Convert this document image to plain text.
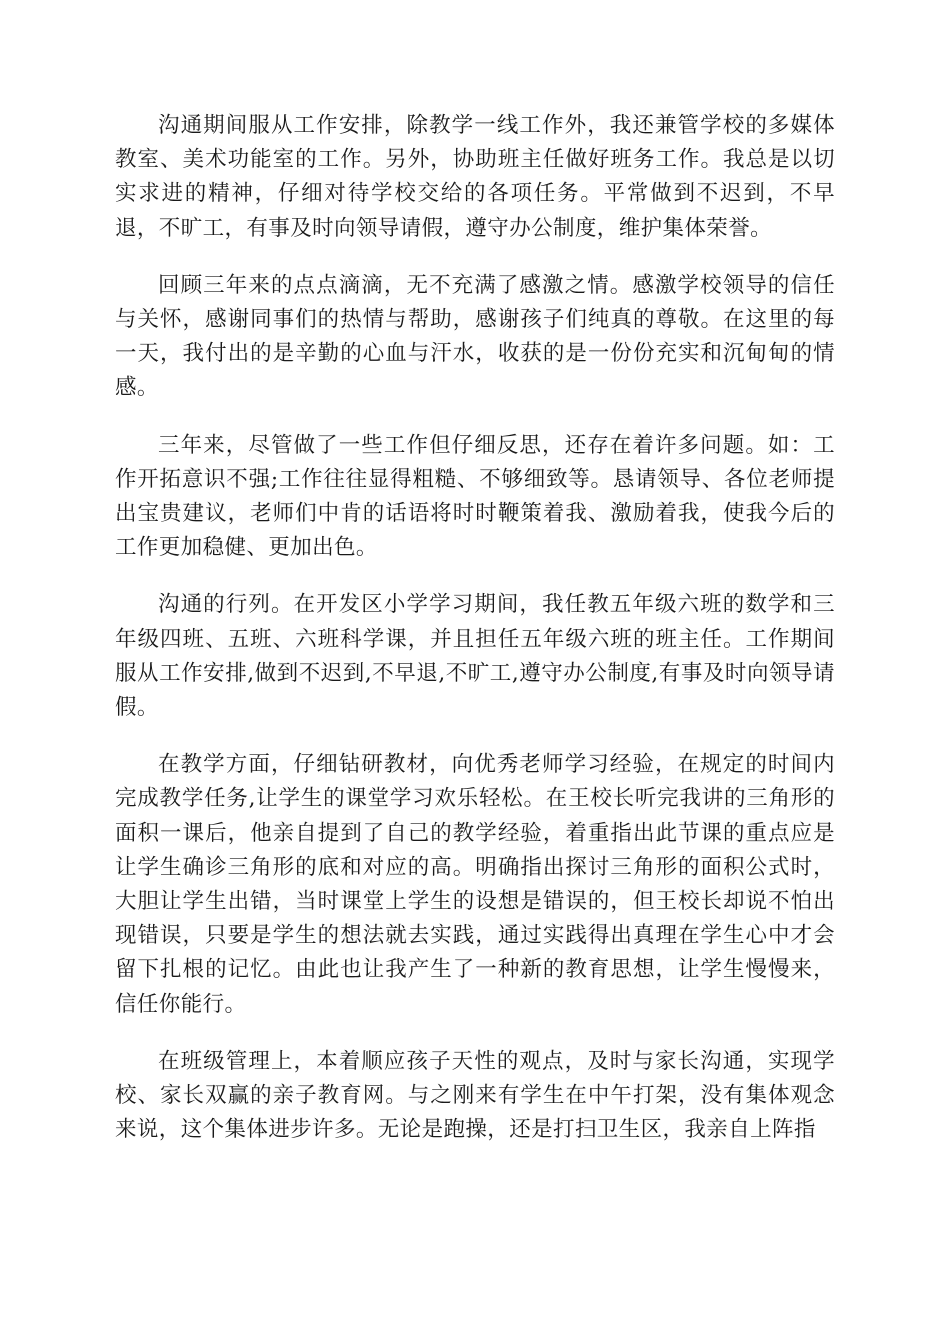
沟通期间服从工作安排，除教学一线工作外，我还兼管学校的多媒体教室、美术功能室的工作。另外，协助班主任做好班务工作。我总是以切实求进的精神，仔细对待学校交给的各项任务。平常做到不迟到，不早退，不旷工，有事及时向领导请假，遵守办公制度，维护集体荣誉。

回顾三年来的点点滴滴，无不充满了感激之情。感激学校领导的信任与关怀，感谢同事们的热情与帮助，感谢孩子们纯真的尊敬。在这里的每一天，我付出的是辛勤的心血与汗水，收获的是一份份充实和沉甸甸的情感。

三年来，尽管做了一些工作但仔细反思，还存在着许多问题。如：工作开拓意识不强;工作往往显得粗糙、不够细致等。恳请领导、各位老师提出宝贵建议，老师们中肯的话语将时时鞭策着我、激励着我，使我今后的工作更加稳健、更加出色。

沟通的行列。在开发区小学学习期间，我任教五年级六班的数学和三年级四班、五班、六班科学课，并且担任五年级六班的班主任。工作期间服从工作安排,做到不迟到,不早退,不旷工,遵守办公制度,有事及时向领导请假。

在教学方面，仔细钻研教材，向优秀老师学习经验，在规定的时间内完成教学任务,让学生的课堂学习欢乐轻松。在王校长听完我讲的三角形的面积一课后，他亲自提到了自己的教学经验，着重指出此节课的重点应是让学生确诊三角形的底和对应的高。明确指出探讨三角形的面积公式时，大胆让学生出错，当时课堂上学生的设想是错误的，但王校长却说不怕出现错误，只要是学生的想法就去实践，通过实践得出真理在学生心中才会留下扎根的记忆。由此也让我产生了一种新的教育思想，让学生慢慢来，信任你能行。

在班级管理上，本着顺应孩子天性的观点，及时与家长沟通，实现学校、家长双赢的亲子教育网。与之刚来有学生在中午打架，没有集体观念来说，这个集体进步许多。无论是跑操，还是打扫卫生区，我亲自上阵指
